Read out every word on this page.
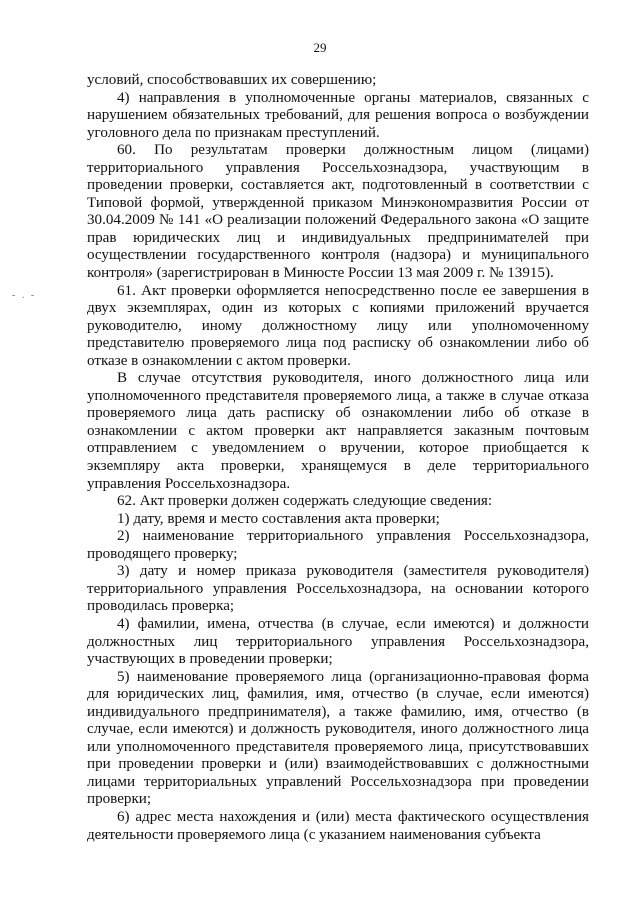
29
- . -

условий, способствовавших их совершению;

4) направления в уполномоченные органы материалов, связанных с нарушением обязательных требований, для решения вопроса о возбуждении уголовного дела по признакам преступлений.

60. По результатам проверки должностным лицом (лицами) территориального управления Россельхознадзора, участвующим в проведении проверки, составляется акт, подготовленный в соответствии с Типовой формой, утвержденной приказом Минэкономразвития России от 30.04.2009 № 141 «О реализации положений Федерального закона «О защите прав юридических лиц и индивидуальных предпринимателей при осуществлении государственного контроля (надзора) и муниципального контроля» (зарегистрирован в Минюсте России 13 мая 2009 г. № 13915).

61. Акт проверки оформляется непосредственно после ее завершения в двух экземплярах, один из которых с копиями приложений вручается руководителю, иному должностному лицу или уполномоченному представителю проверяемого лица под расписку об ознакомлении либо об отказе в ознакомлении с актом проверки.

В случае отсутствия руководителя, иного должностного лица или уполномоченного представителя проверяемого лица, а также в случае отказа проверяемого лица дать расписку об ознакомлении либо об отказе в ознакомлении с актом проверки акт направляется заказным почтовым отправлением с уведомлением о вручении, которое приобщается к экземпляру акта проверки, хранящемуся в деле территориального управления Россельхознадзора.

62. Акт проверки должен содержать следующие сведения:

1) дату, время и место составления акта проверки;

2) наименование территориального управления Россельхознадзора, проводящего проверку;

3) дату и номер приказа руководителя (заместителя руководителя) территориального управления Россельхознадзора, на основании которого проводилась проверка;

4) фамилии, имена, отчества (в случае, если имеются) и должности должностных лиц территориального управления Россельхознадзора, участвующих в проведении проверки;

5) наименование проверяемого лица (организационно-правовая форма для юридических лиц, фамилия, имя, отчество (в случае, если имеются) индивидуального предпринимателя), а также фамилию, имя, отчество (в случае, если имеются) и должность руководителя, иного должностного лица или уполномоченного представителя проверяемого лица, присутствовавших при проведении проверки и (или) взаимодействовавших с должностными лицами территориальных управлений Россельхознадзора при проведении проверки;

6) адрес места нахождения и (или) места фактического осуществления деятельности проверяемого лица (с указанием наименования субъекта
